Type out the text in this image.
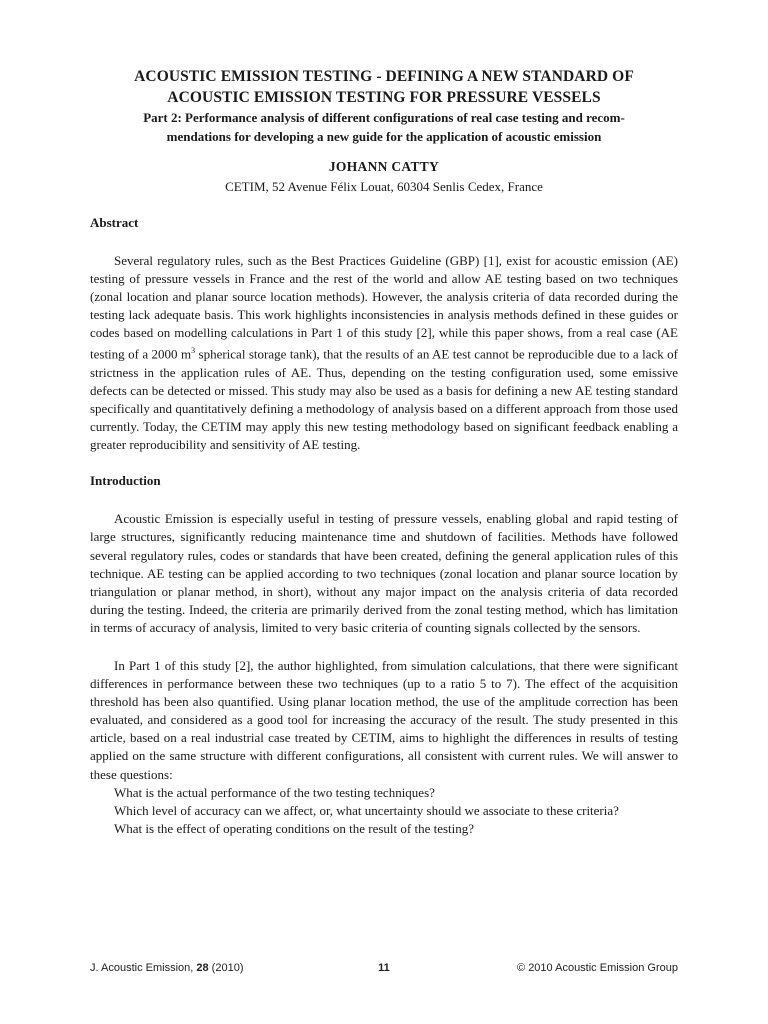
ACOUSTIC EMISSION TESTING - DEFINING A NEW STANDARD OF

ACOUSTIC EMISSION TESTING FOR PRESSURE VESSELS

Part 2: Performance analysis of different configurations of real case testing and recom-

mendations for developing a new guide for the application of acoustic emission

JOHANN CATTY

CETIM, 52 Avenue Félix Louat, 60304 Senlis Cedex, France

Abstract

Several regulatory rules, such as the Best Practices Guideline (GBP) [1], exist for acoustic emission (AE) testing of pressure vessels in France and the rest of the world and allow AE testing based on two techniques (zonal location and planar source location methods). However, the analysis criteria of data recorded during the testing lack adequate basis. This work highlights inconsistencies in analysis methods defined in these guides or codes based on modelling calculations in Part 1 of this study [2], while this paper shows, from a real case (AE testing of a 2000 $m^3$ spherical storage tank), that the results of an AE test cannot be reproducible due to a lack of strictness in the application rules of AE. Thus, depending on the testing configuration used, some emissive defects can be detected or missed. This study may also be used as a basis for defining a new AE testing standard specifically and quantitatively defining a methodology of analysis based on a different approach from those used currently. Today, the CETIM may apply this new testing methodology based on significant feedback enabling a greater reproducibility and sensitivity of AE testing.

Introduction

Acoustic Emission is especially useful in testing of pressure vessels, enabling global and rapid testing of large structures, significantly reducing maintenance time and shutdown of facilities. Methods have followed several regulatory rules, codes or standards that have been created, defining the general application rules of this technique. AE testing can be applied according to two techniques (zonal location and planar source location by triangulation or planar method, in short), without any major impact on the analysis criteria of data recorded during the testing. Indeed, the criteria are primarily derived from the zonal testing method, which has limitation in terms of accuracy of analysis, limited to very basic criteria of counting signals collected by the sensors.

In Part 1 of this study [2], the author highlighted, from simulation calculations, that there were significant differences in performance between these two techniques (up to a ratio 5 to 7). The effect of the acquisition threshold has been also quantified. Using planar location method, the use of the amplitude correction has been evaluated, and considered as a good tool for increasing the accuracy of the result. The study presented in this article, based on a real industrial case treated by CETIM, aims to highlight the differences in results of testing applied on the same structure with different configurations, all consistent with current rules. We will answer to these questions:

What is the actual performance of the two testing techniques?

Which level of accuracy can we affect, or, what uncertainty should we associate to these criteria?

What is the effect of operating conditions on the result of the testing?

J. Acoustic Emission, 28 (2010)	11	© 2010 Acoustic Emission Group
